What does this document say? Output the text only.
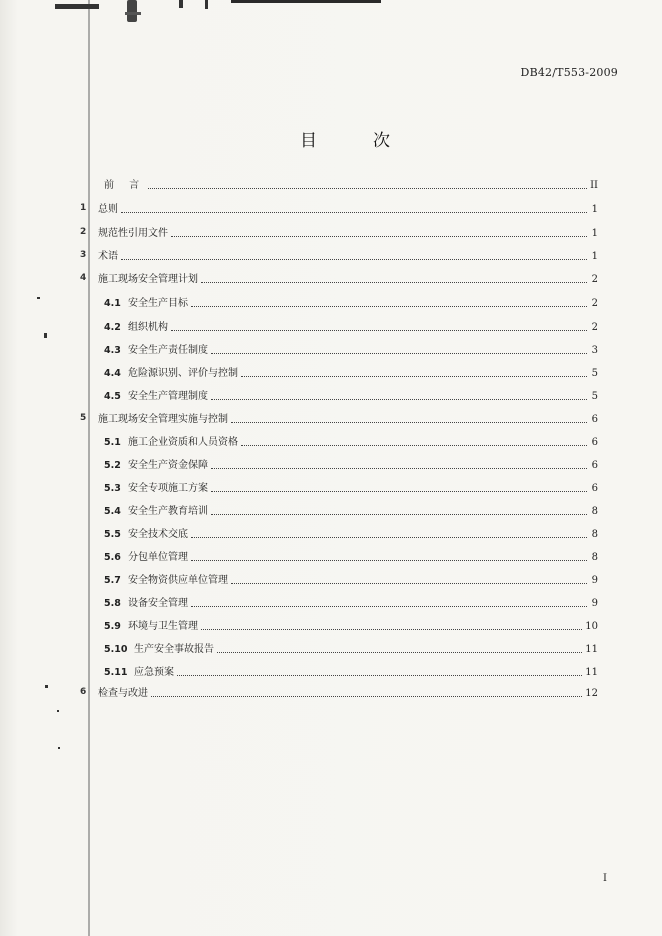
DB42/T553-2009
目	次
前 言	II
1 总则	1
2 规范性引用文件	1
3 术语	1
4 施工现场安全管理计划	2
4.1 安全生产目标	2
4.2 组织机构	2
4.3 安全生产责任制度	3
4.4 危险源识别、评价与控制	5
4.5 安全生产管理制度	5
5 施工现场安全管理实施与控制	6
5.1 施工企业资质和人员资格	6
5.2 安全生产资金保障	6
5.3 安全专项施工方案	6
5.4 安全生产教育培训	8
5.5 安全技术交底	8
5.6 分包单位管理	8
5.7 安全物资供应单位管理	9
5.8 设备安全管理	9
5.9 环境与卫生管理	10
5.10 生产安全事故报告	11
5.11 应急预案	11
6 检查与改进	12
I
